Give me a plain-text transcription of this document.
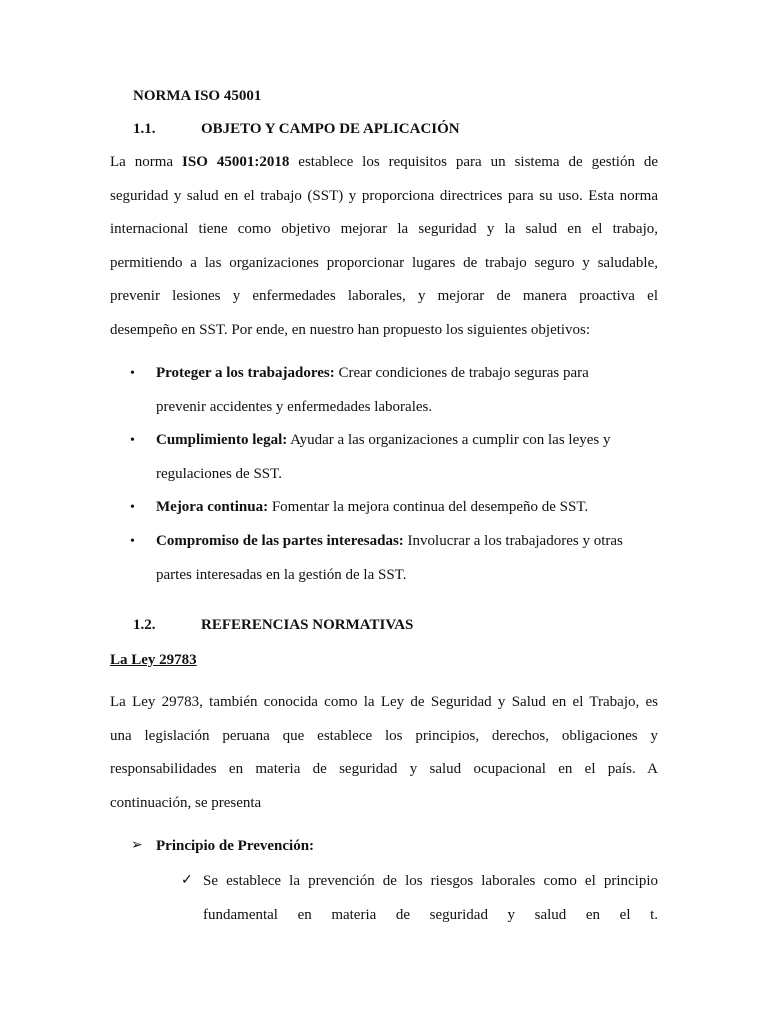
NORMA ISO 45001
1.1.	OBJETO Y CAMPO DE APLICACIÓN
La norma ISO 45001:2018 establece los requisitos para un sistema de gestión de
seguridad y salud en el trabajo (SST) y proporciona directrices para su uso. Esta norma
internacional tiene como objetivo mejorar la seguridad y la salud en el trabajo,
permitiendo a las organizaciones proporcionar lugares de trabajo seguro y saludable,
prevenir lesiones y enfermedades laborales, y mejorar de manera proactiva el
desempeño en SST. Por ende, en nuestro han propuesto los siguientes objetivos:
• Proteger a los trabajadores: Crear condiciones de trabajo seguras para
prevenir accidentes y enfermedades laborales.
• Cumplimiento legal: Ayudar a las organizaciones a cumplir con las leyes y
regulaciones de SST.
• Mejora continua: Fomentar la mejora continua del desempeño de SST.
• Compromiso de las partes interesadas: Involucrar a los trabajadores y otras
partes interesadas en la gestión de la SST.
1.2.	REFERENCIAS NORMATIVAS
La Ley 29783
La Ley 29783, también conocida como la Ley de Seguridad y Salud en el Trabajo, es
una legislación peruana que establece los principios, derechos, obligaciones y
responsabilidades en materia de seguridad y salud ocupacional en el país. A
continuación, se presenta
➢ Principio de Prevención:
✓ Se establece la prevención de los riesgos laborales como el principio
fundamental en materia de seguridad y salud en el t.
